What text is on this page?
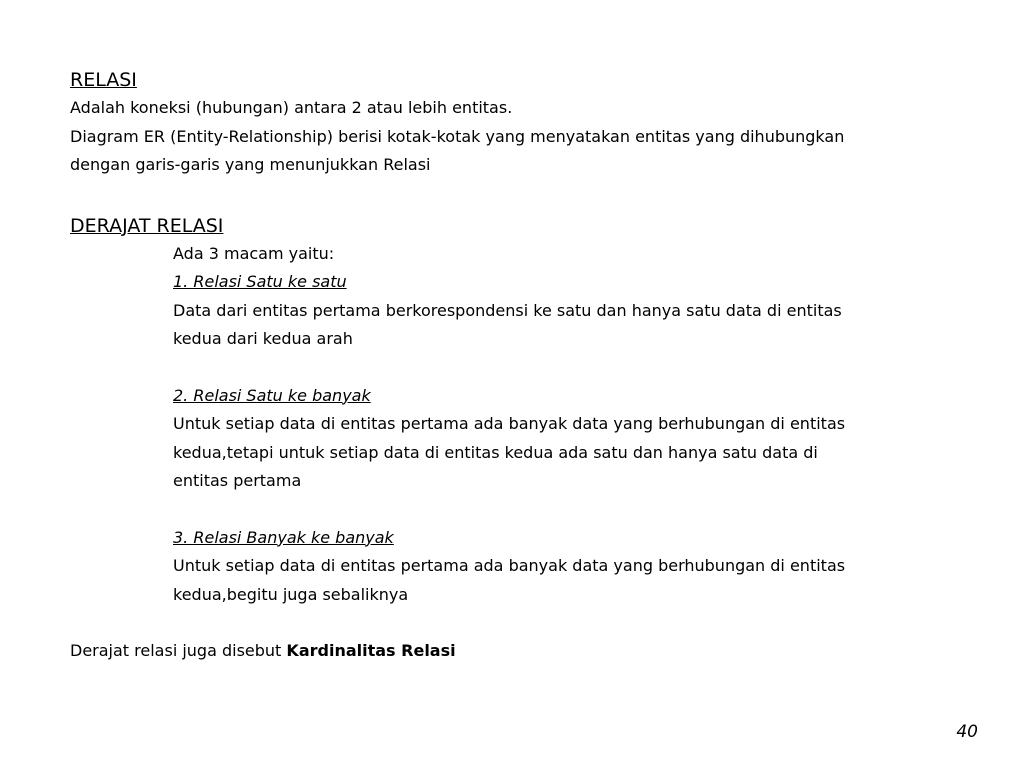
RELASI

Adalah koneksi (hubungan) antara 2 atau lebih entitas.

Diagram ER (Entity-Relationship) berisi kotak-kotak yang menyatakan entitas yang dihubungkan

dengan garis-garis yang menunjukkan Relasi

DERAJAT RELASI

Ada 3 macam yaitu:

1. Relasi Satu ke satu

Data dari entitas pertama berkorespondensi ke satu dan hanya satu data di entitas

kedua dari kedua arah

2. Relasi Satu ke banyak

Untuk setiap data di entitas pertama ada banyak data yang berhubungan di entitas

kedua,tetapi untuk setiap data di entitas kedua ada satu dan hanya satu data di

entitas pertama

3. Relasi Banyak ke banyak

Untuk setiap data di entitas pertama ada banyak data yang berhubungan di entitas

kedua,begitu juga sebaliknya

Derajat relasi juga disebut Kardinalitas Relasi

40
